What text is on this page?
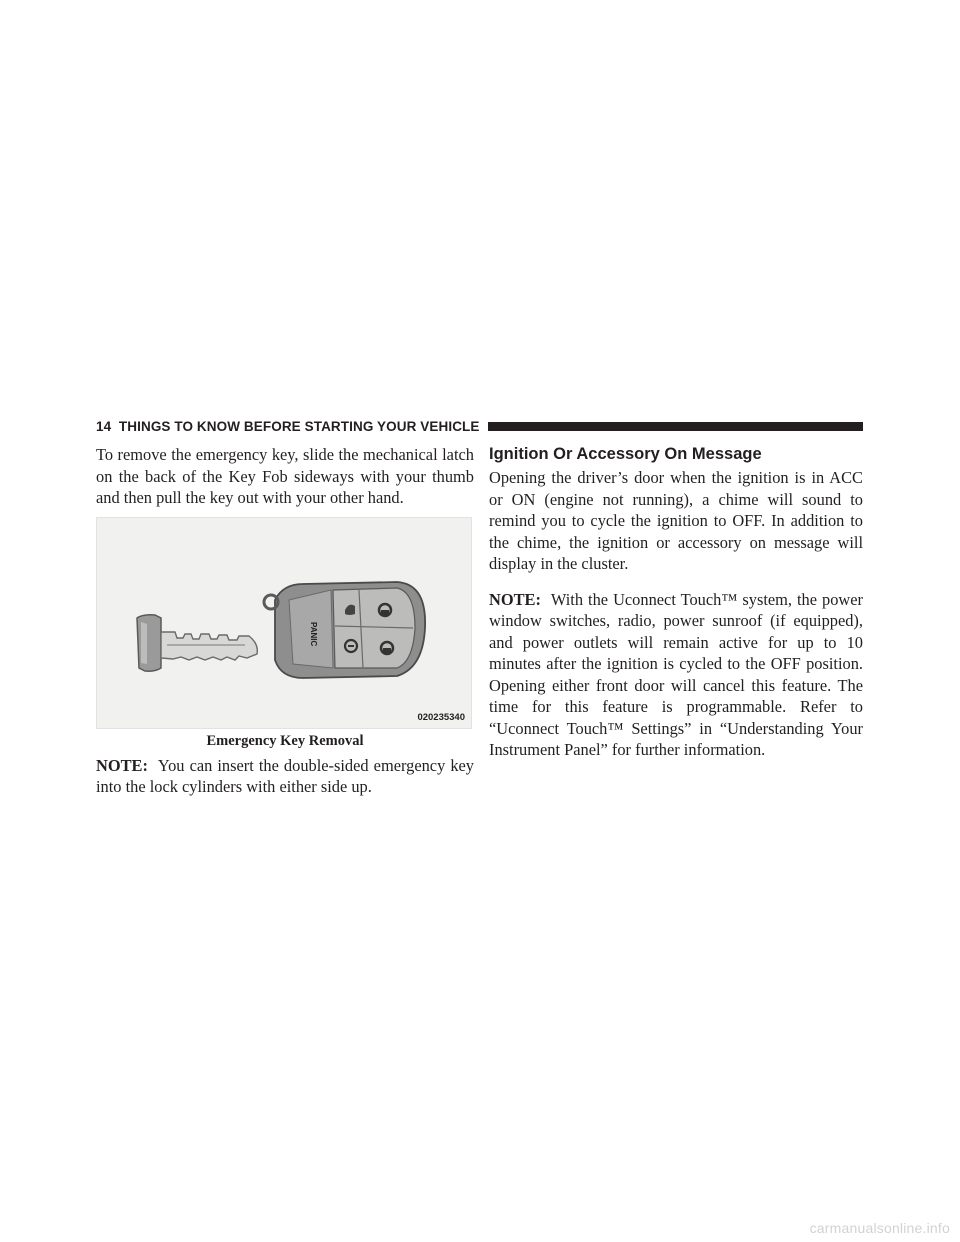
14 THINGS TO KNOW BEFORE STARTING YOUR VEHICLE

To remove the emergency key, slide the mechanical latch on the back of the Key Fob sideways with your thumb and then pull the key out with your other hand.

PANIC
020235340
Emergency Key Removal

NOTE: You can insert the double-sided emergency key into the lock cylinders with either side up.

Ignition Or Accessory On Message

Opening the driver’s door when the ignition is in ACC or ON (engine not running), a chime will sound to remind you to cycle the ignition to OFF. In addition to the chime, the ignition or accessory on message will display in the cluster.

NOTE: With the Uconnect Touch™ system, the power window switches, radio, power sunroof (if equipped), and power outlets will remain active for up to 10 minutes after the ignition is cycled to the OFF position. Opening either front door will cancel this feature. The time for this feature is programmable. Refer to “Uconnect Touch™ Settings” in “Understanding Your Instrument Panel” for further information.

carmanualsonline.info
